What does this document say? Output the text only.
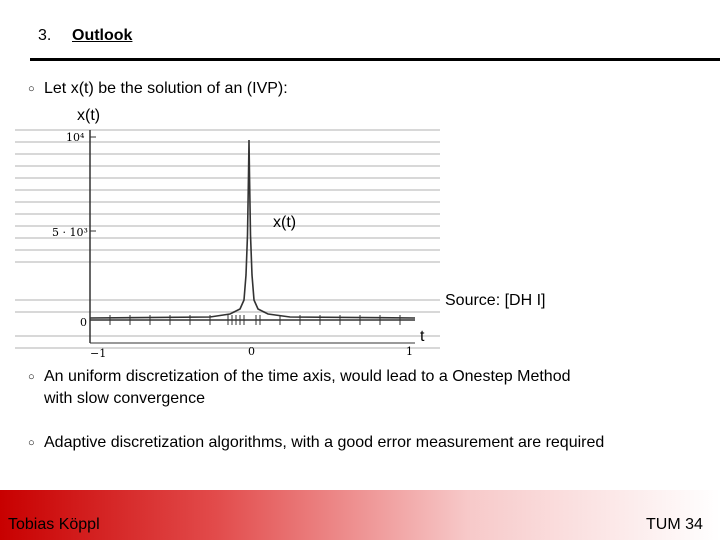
3. Outlook
○ Let x(t) be the solution of an (IVP):
x(t)
10⁴
5 · 10³
0
−1	0	1
x(t)
Source: [DH I]
t
○ An uniform discretization of the time axis, would lead to a Onestep Method
with slow convergence
○ Adaptive discretization algorithms, with a good error measurement are required
Tobias Köppl	TUM 34
